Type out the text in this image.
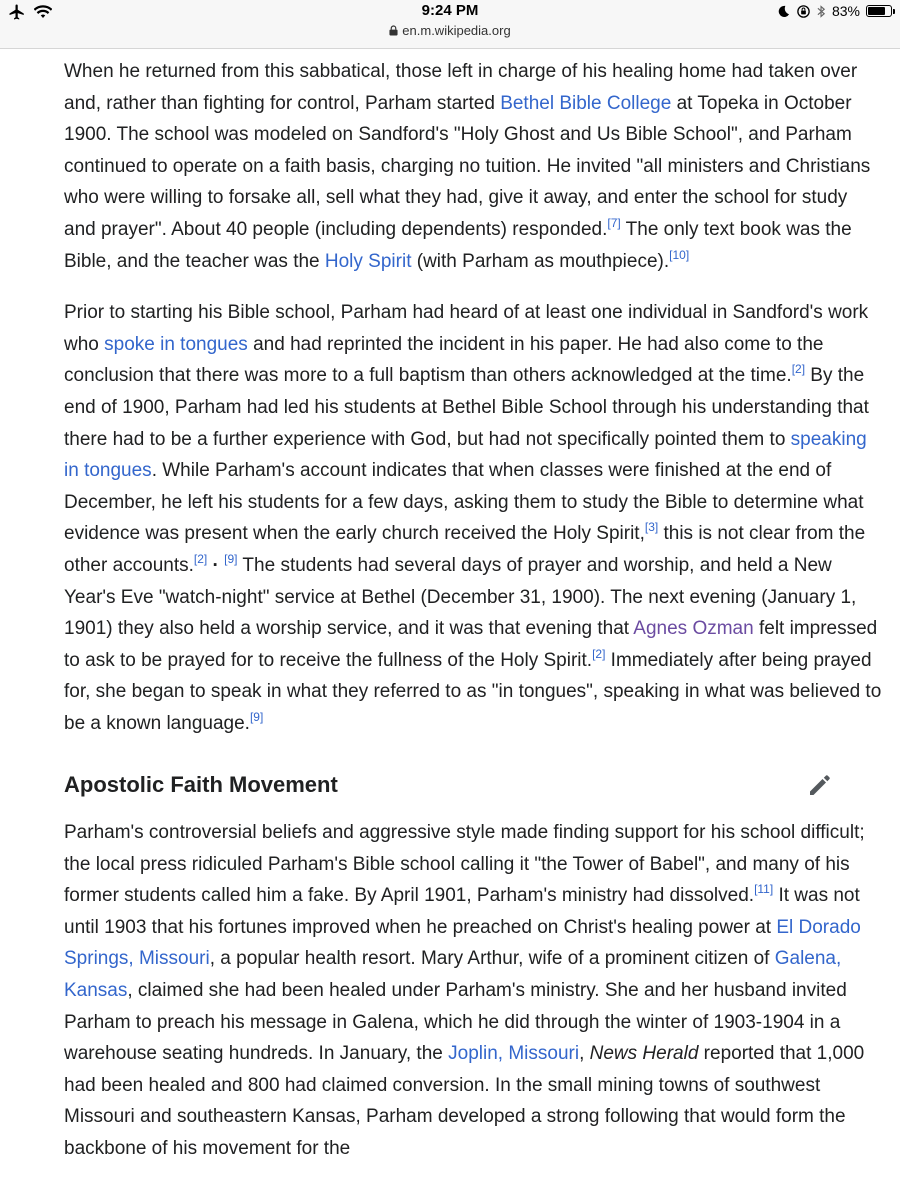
9:24 PM
en.m.wikipedia.org
83%

When he returned from this sabbatical, those left in charge of his healing home had taken over and, rather than fighting for control, Parham started Bethel Bible College at Topeka in October 1900. The school was modeled on Sandford's "Holy Ghost and Us Bible School", and Parham continued to operate on a faith basis, charging no tuition. He invited "all ministers and Christians who were willing to forsake all, sell what they had, give it away, and enter the school for study and prayer". About 40 people (including dependents) responded.[7] The only text book was the Bible, and the teacher was the Holy Spirit (with Parham as mouthpiece).[10]

Prior to starting his Bible school, Parham had heard of at least one individual in Sandford's work who spoke in tongues and had reprinted the incident in his paper. He had also come to the conclusion that there was more to a full baptism than others acknowledged at the time.[2] By the end of 1900, Parham had led his students at Bethel Bible School through his understanding that there had to be a further experience with God, but had not specifically pointed them to speaking in tongues. While Parham's account indicates that when classes were finished at the end of December, he left his students for a few days, asking them to study the Bible to determine what evidence was present when the early church received the Holy Spirit,[3] this is not clear from the other accounts.[2] · [9] The students had several days of prayer and worship, and held a New Year's Eve "watch-night" service at Bethel (December 31, 1900). The next evening (January 1, 1901) they also held a worship service, and it was that evening that Agnes Ozman felt impressed to ask to be prayed for to receive the fullness of the Holy Spirit.[2] Immediately after being prayed for, she began to speak in what they referred to as "in tongues", speaking in what was believed to be a known language.[9]

Apostolic Faith Movement

Parham's controversial beliefs and aggressive style made finding support for his school difficult; the local press ridiculed Parham's Bible school calling it "the Tower of Babel", and many of his former students called him a fake. By April 1901, Parham's ministry had dissolved.[11] It was not until 1903 that his fortunes improved when he preached on Christ's healing power at El Dorado Springs, Missouri, a popular health resort. Mary Arthur, wife of a prominent citizen of Galena, Kansas, claimed she had been healed under Parham's ministry. She and her husband invited Parham to preach his message in Galena, which he did through the winter of 1903-1904 in a warehouse seating hundreds. In January, the Joplin, Missouri, News Herald reported that 1,000 had been healed and 800 had claimed conversion. In the small mining towns of southwest Missouri and southeastern Kansas, Parham developed a strong following that would form the backbone of his movement for the
